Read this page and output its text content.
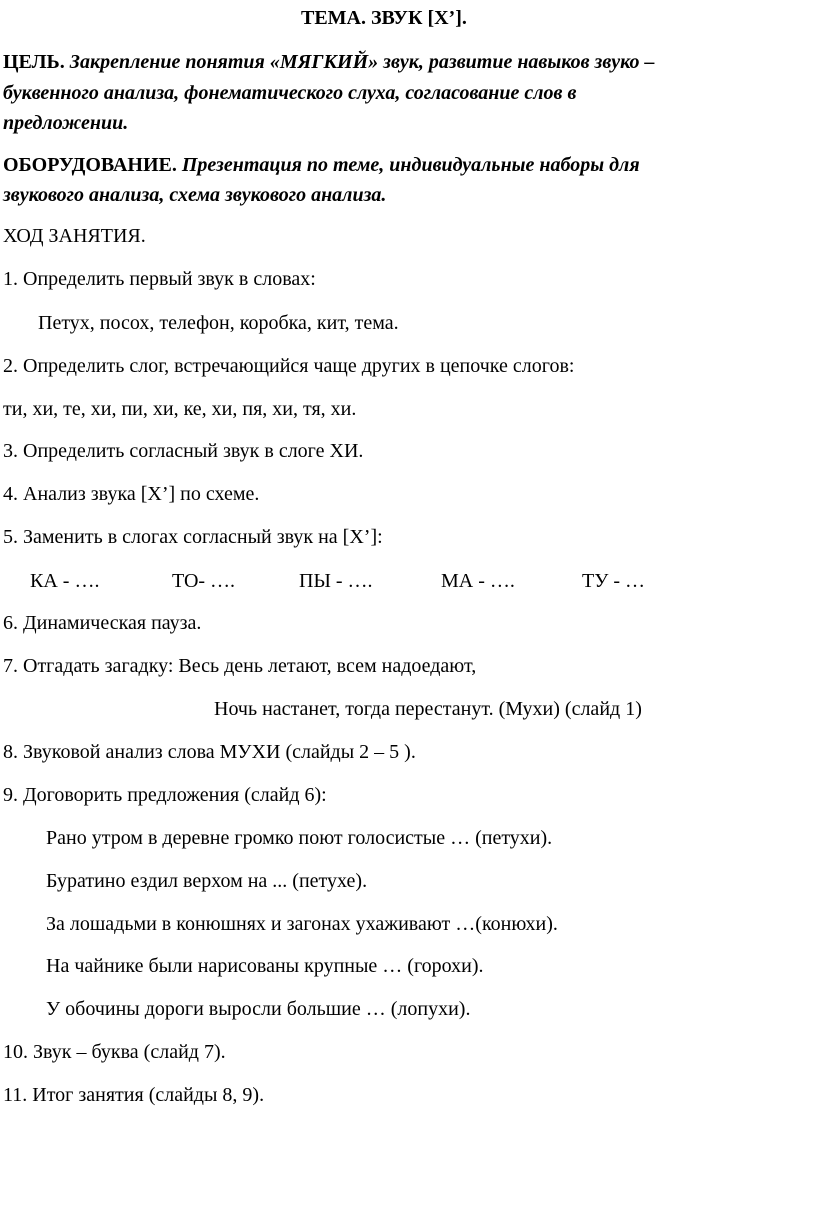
ТЕМА. ЗВУК [Х’].
ЦЕЛЬ. Закрепление понятия «МЯГКИЙ» звук, развитие навыков звуко –
буквенного анализа, фонематического слуха, согласование слов в
предложении.
ОБОРУДОВАНИЕ. Презентация по теме, индивидуальные наборы для
звукового анализа, схема звукового анализа.
ХОД ЗАНЯТИЯ.
1. Определить первый звук в словах:
Петух, посох, телефон, коробка, кит, тема.
2. Определить слог, встречающийся чаще других в цепочке слогов:
ти, хи, те, хи, пи, хи, ке, хи, пя, хи, тя, хи.
3. Определить согласный звук в слоге ХИ.
4. Анализ звука [Х’] по схеме.
5. Заменить в слогах согласный звук на [Х’]:
КА - ….	ТО- ….	ПЫ - ….	МА - ….	ТУ - …
6. Динамическая пауза.
7. Отгадать загадку: Весь день летают, всем надоедают,
Ночь настанет, тогда перестанут. (Мухи) (слайд 1)
8. Звуковой анализ слова МУХИ (слайды 2 – 5 ).
9. Договорить предложения (слайд 6):
Рано утром в деревне громко поют голосистые … (петухи).
Буратино ездил верхом на ... (петухе).
За лошадьми в конюшнях и загонах ухаживают …(конюхи).
На чайнике были нарисованы крупные … (горохи).
У обочины дороги выросли большие … (лопухи).
10. Звук – буква (слайд 7).
11. Итог занятия (слайды 8, 9).
